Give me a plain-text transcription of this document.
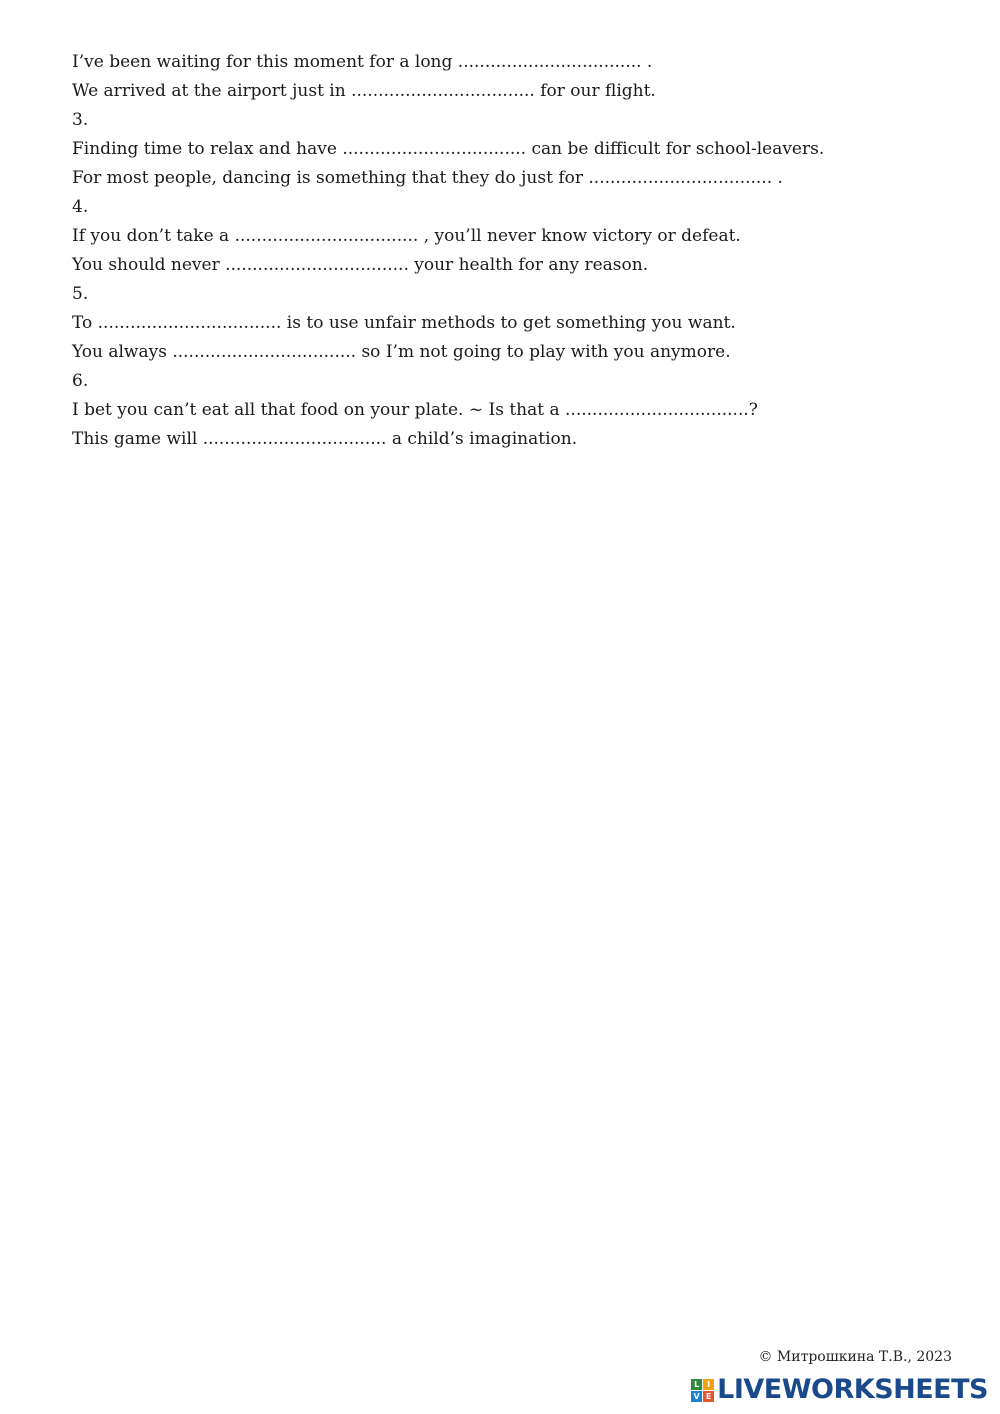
I’ve been waiting for this moment for a long .................................. .
We arrived at the airport just in .................................. for our flight.
3.
Finding time to relax and have .................................. can be difficult for school-leavers.
For most people, dancing is something that they do just for .................................. .
4.
If you don’t take a .................................. , you’ll never know victory or defeat.
You should never .................................. your health for any reason.
5.
To .................................. is to use unfair methods to get something you want.
You always .................................. so I’m not going to play with you anymore.
6.
I bet you can’t eat all that food on your plate. ~ Is that a ..................................?
This game will .................................. a child’s imagination.
© Митрошкина Т.В., 2023
L I
V E LIVEWORKSHEETS
